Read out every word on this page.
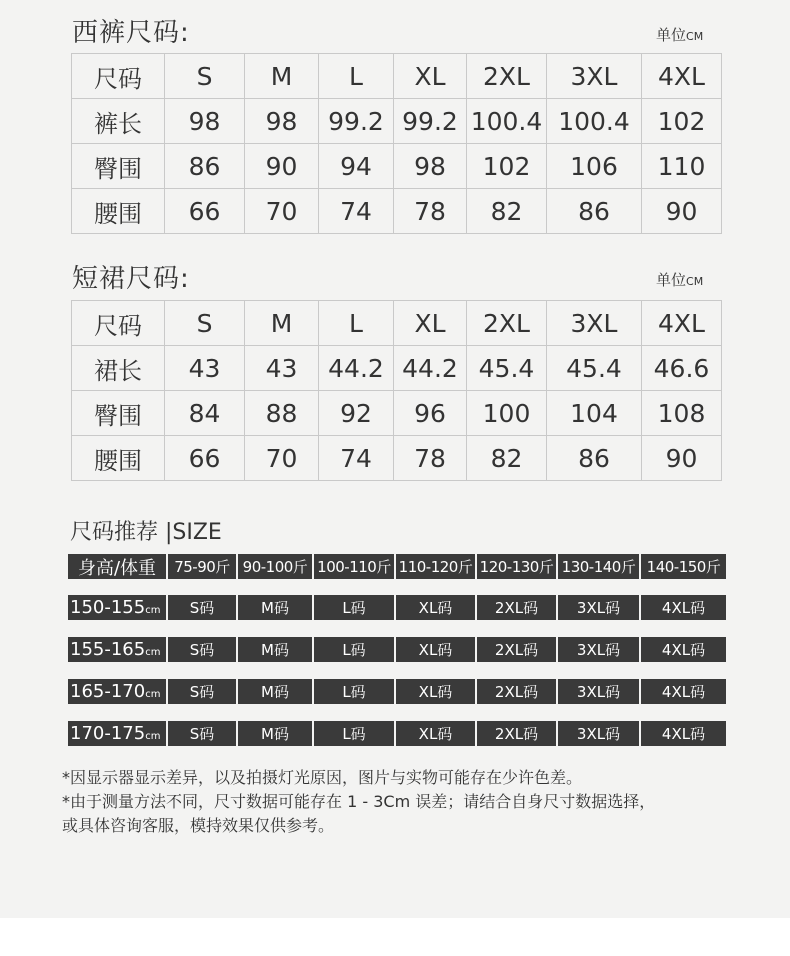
西裤尺码:	单位CM
尺码	S	M	L	XL	2XL	3XL	4XL
裤长	98	98	99.2	99.2	100.4	100.4	102
臀围	86	90	94	98	102	106	110
腰围	66	70	74	78	82	86	90
短裙尺码:	单位CM
尺码	S	M	L	XL	2XL	3XL	4XL
裙长	43	43	44.2	44.2	45.4	45.4	46.6
臀围	84	88	92	96	100	104	108
腰围	66	70	74	78	82	86	90
尺码推荐 |SIZE
身高/体重	75-90斤 90-100斤 100-110斤 110-120斤 120-130斤 130-140斤 140-150斤
150-155 cm	S码	M码	L码	XL码	2XL码	3XL码	4XL码
155-165 cm	S码	M码	L码	XL码	2XL码	3XL码	4XL码
165-170 cm	S码	M码	L码	XL码	2XL码	3XL码	4XL码
170-175 cm	S码	M码	L码	XL码	2XL码	3XL码	4XL码

*因显示器显示差异，以及拍摄灯光原因，图片与实物可能存在少许色差。

*由于测量方法不同，尺寸数据可能存在 1 - 3Cm 误差；请结合自身尺寸数据选择，

或具体咨询客服，模持效果仅供参考。
